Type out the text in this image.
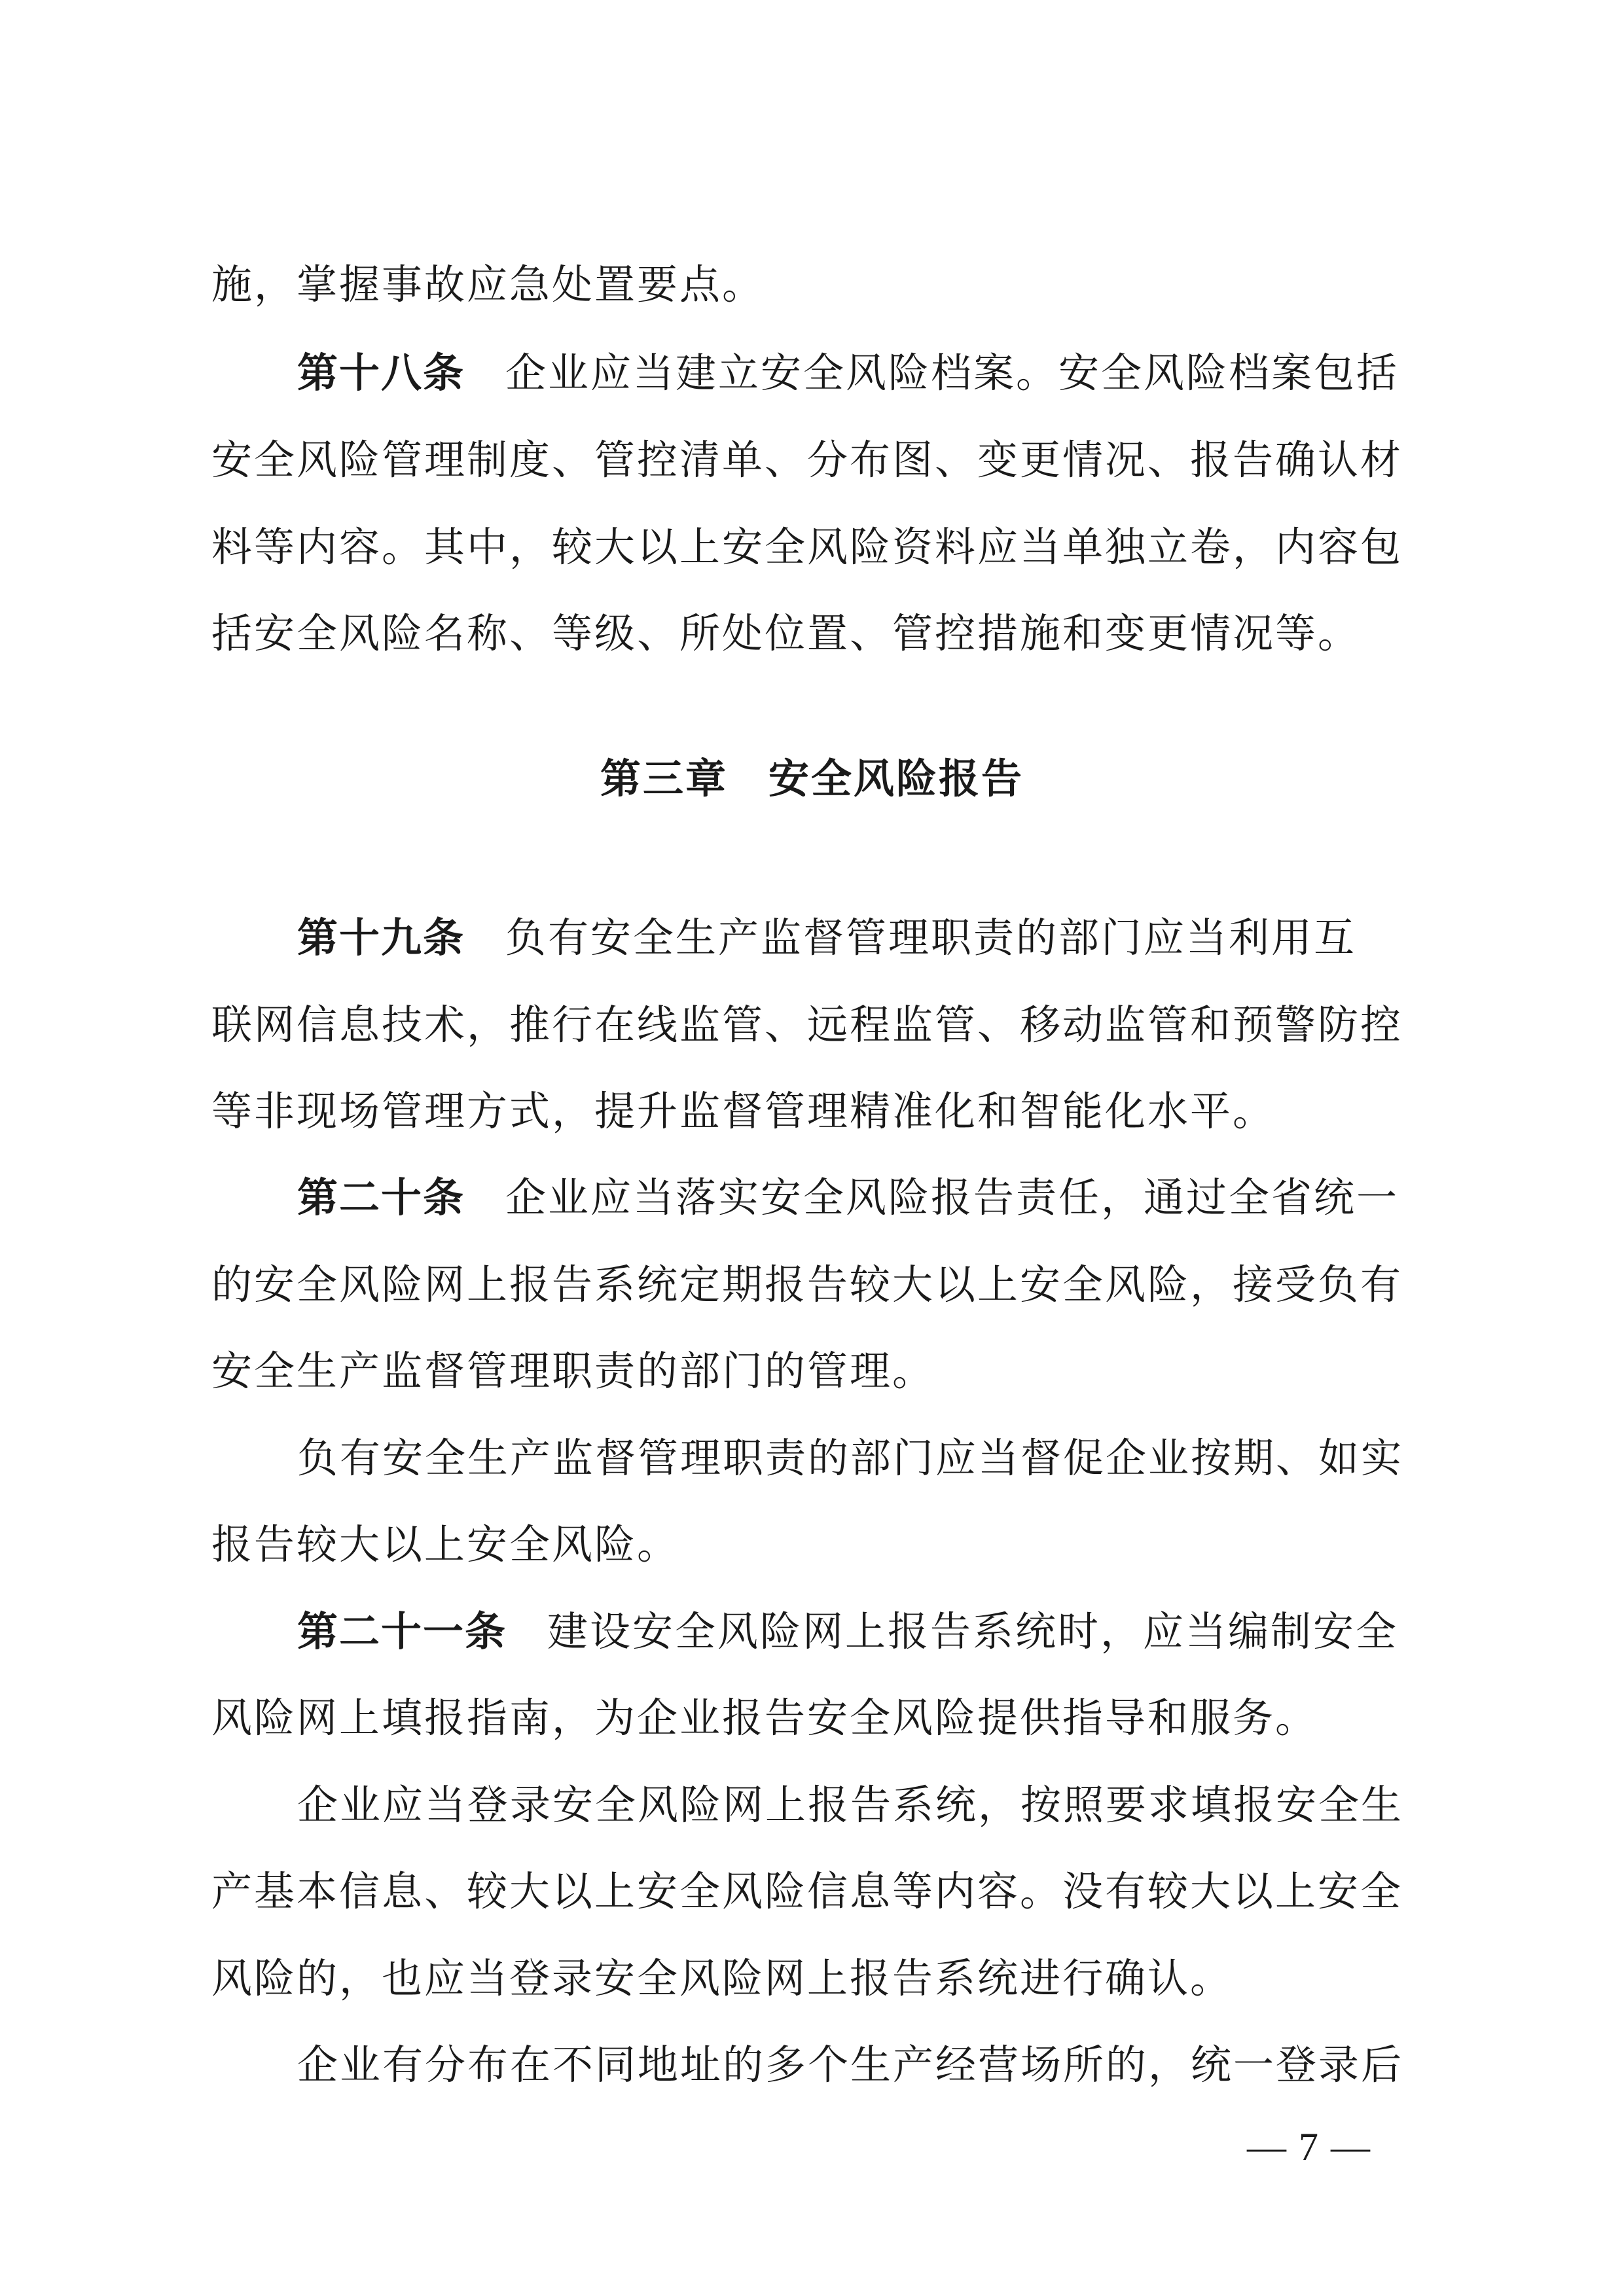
施，掌握事故应急处置要点。
第十八条 企业应当建立安全风险档案。安全风险档案包括
安全风险管理制度、管控清单、分布图、变更情况、报告确认材
料等内容。其中，较大以上安全风险资料应当单独立卷，内容包
括安全风险名称、等级、所处位置、管控措施和变更情况等。
第三章 安全风险报告
第十九条 负有安全生产监督管理职责的部门应当利用互
联网信息技术，推行在线监管、远程监管、移动监管和预警防控
等非现场管理方式，提升监督管理精准化和智能化水平。
第二十条 企业应当落实安全风险报告责任，通过全省统一
的安全风险网上报告系统定期报告较大以上安全风险，接受负有
安全生产监督管理职责的部门的管理。
负有安全生产监督管理职责的部门应当督促企业按期、如实
报告较大以上安全风险。
第二十一条 建设安全风险网上报告系统时，应当编制安全
风险网上填报指南，为企业报告安全风险提供指导和服务。
企业应当登录安全风险网上报告系统，按照要求填报安全生
产基本信息、较大以上安全风险信息等内容。没有较大以上安全
风险的，也应当登录安全风险网上报告系统进行确认。
企业有分布在不同地址的多个生产经营场所的，统一登录后
— 7 —
